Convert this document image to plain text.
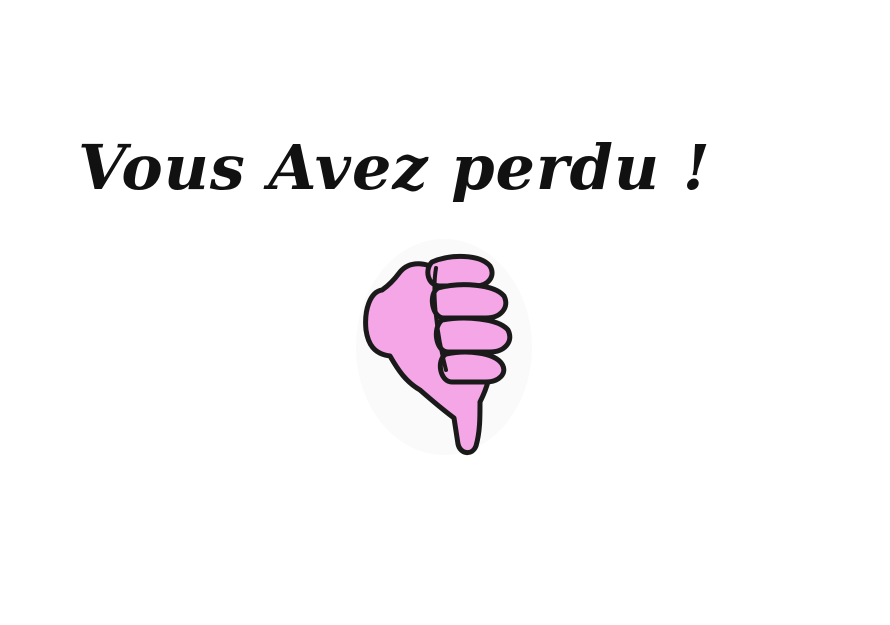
Vous Avez perdu !
